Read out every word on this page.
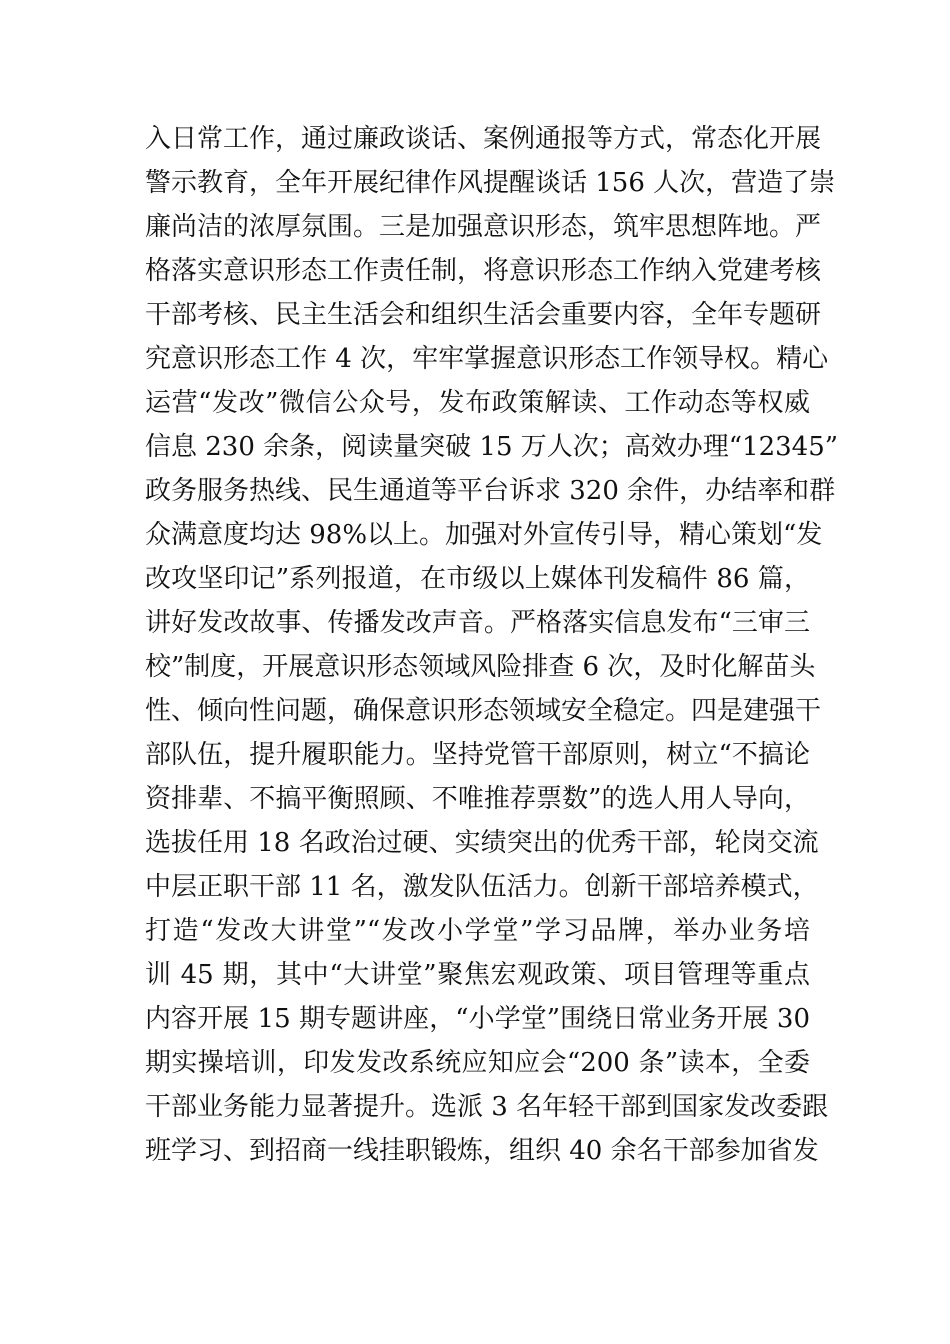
入日常工作，通过廉政谈话、案例通报等方式，常态化开展
警示教育，全年开展纪律作风提醒谈话 156 人次，营造了崇
廉尚洁的浓厚氛围。三是加强意识形态，筑牢思想阵地。严
格落实意识形态工作责任制，将意识形态工作纳入党建考核
干部考核、民主生活会和组织生活会重要内容，全年专题研
究意识形态工作 4 次，牢牢掌握意识形态工作领导权。精心
运营“发改”微信公众号，发布政策解读、工作动态等权威
信息 230 余条，阅读量突破 15 万人次；高效办理“12345”
政务服务热线、民生通道等平台诉求 320 余件，办结率和群
众满意度均达 98%以上。加强对外宣传引导，精心策划“发
改攻坚印记”系列报道，在市级以上媒体刊发稿件 86 篇，
讲好发改故事、传播发改声音。严格落实信息发布“三审三
校”制度，开展意识形态领域风险排查 6 次，及时化解苗头
性、倾向性问题，确保意识形态领域安全稳定。四是建强干
部队伍，提升履职能力。坚持党管干部原则，树立“不搞论
资排辈、不搞平衡照顾、不唯推荐票数”的选人用人导向，
选拔任用 18 名政治过硬、实绩突出的优秀干部，轮岗交流
中层正职干部 11 名，激发队伍活力。创新干部培养模式，
打造“发改大讲堂”“发改小学堂”学习品牌，举办业务培
训 45 期，其中“大讲堂”聚焦宏观政策、项目管理等重点
内容开展 15 期专题讲座，“小学堂”围绕日常业务开展 30
期实操培训，印发发改系统应知应会“200 条”读本，全委
干部业务能力显著提升。选派 3 名年轻干部到国家发改委跟
班学习、到招商一线挂职锻炼，组织 40 余名干部参加省发
